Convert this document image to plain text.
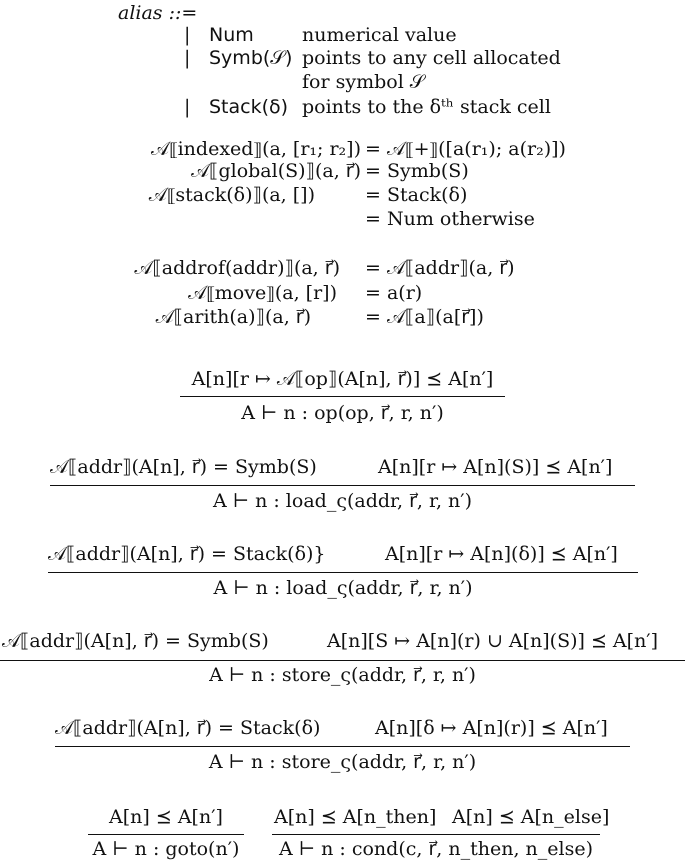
alias ::=
| Num	numerical value
| Symb(𝒮) points to any cell allocated
for symbol 𝒮
| Stack(δ) points to the δᵗʰ stack cell
𝒜⟦indexed⟧(a, [r₁; r₂]) = 𝒜⟦+⟧([a(r₁); a(r₂)])
𝒜⟦global(S)⟧(a, r⃗) = Symb(S)
𝒜⟦stack(δ)⟧(a, [])	= Stack(δ)
= Num otherwise
𝒜⟦addrof(addr)⟧(a, r⃗) = 𝒜⟦addr⟧(a, r⃗)
𝒜⟦move⟧(a, [r]) = a(r)
𝒜⟦arith(a)⟧(a, r⃗)	= 𝒜⟦a⟧(a[r⃗])
A[n][r ↦ 𝒜⟦op⟧(A[n], r⃗)] ⪯ A[n′]
A ⊢ n : op(op, r⃗, r, n′)
𝒜⟦addr⟧(A[n], r⃗) = Symb(S)	A[n][r ↦ A[n](S)] ⪯ A[n′]
A ⊢ n : load_ς(addr, r⃗, r, n′)
𝒜⟦addr⟧(A[n], r⃗) = Stack(δ)}	A[n][r ↦ A[n](δ)] ⪯ A[n′]
A ⊢ n : load_ς(addr, r⃗, r, n′)
𝒜⟦addr⟧(A[n], r⃗) = Symb(S)	A[n][S ↦ A[n](r) ∪ A[n](S)] ⪯ A[n′]
A ⊢ n : store_ς(addr, r⃗, r, n′)
𝒜⟦addr⟧(A[n], r⃗) = Stack(δ)	A[n][δ ↦ A[n](r)] ⪯ A[n′]
A ⊢ n : store_ς(addr, r⃗, r, n′)
A[n] ⪯ A[n′]
A ⊢ n : goto(n′)
A[n] ⪯ A[n_then] A[n] ⪯ A[n_else]
A ⊢ n : cond(c, r⃗, n_then, n_else)
